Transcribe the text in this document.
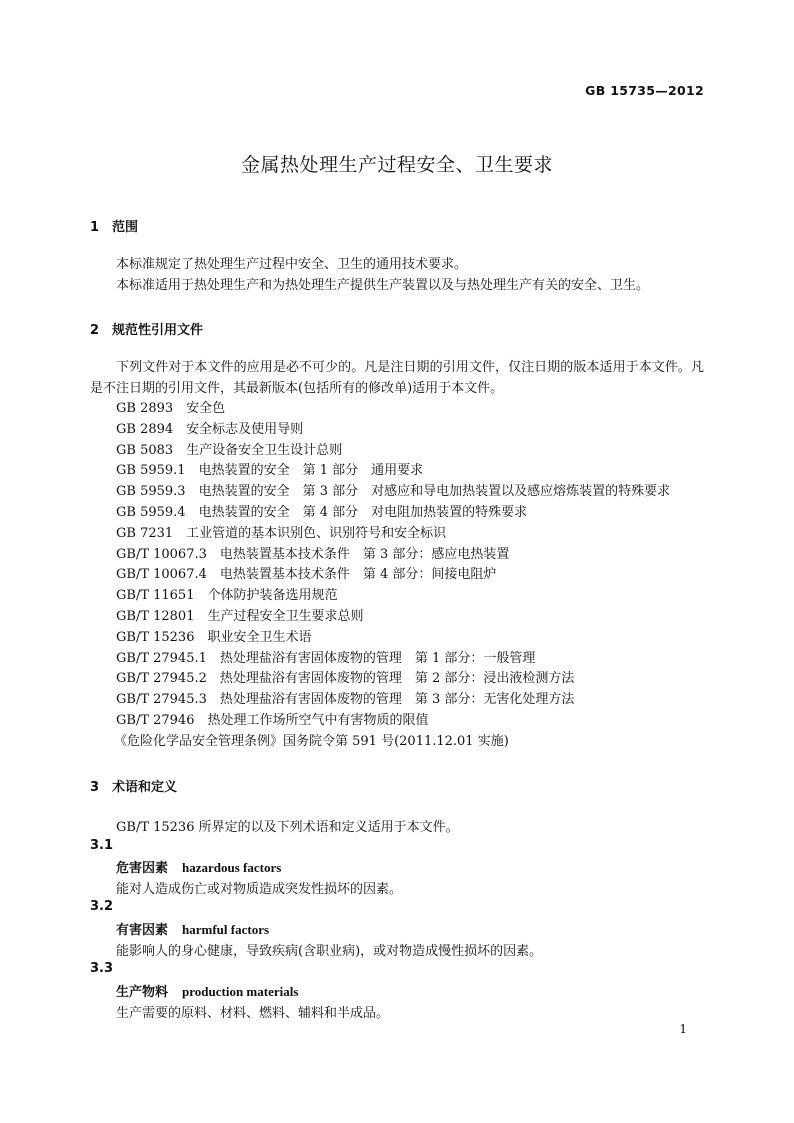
GB 15735—2012
金属热处理生产过程安全、卫生要求
1 范围
本标准规定了热处理生产过程中安全、卫生的通用技术要求。
本标准适用于热处理生产和为热处理生产提供生产装置以及与热处理生产有关的安全、卫生。
2 规范性引用文件
下列文件对于本文件的应用是必不可少的。凡是注日期的引用文件，仅注日期的版本适用于本文件。凡是不注日期的引用文件，其最新版本(包括所有的修改单)适用于本文件。
GB 2893 安全色
GB 2894 安全标志及使用导则
GB 5083 生产设备安全卫生设计总则
GB 5959.1 电热装置的安全　第 1 部分　通用要求
GB 5959.3 电热装置的安全　第 3 部分　对感应和导电加热装置以及感应熔炼装置的特殊要求
GB 5959.4 电热装置的安全　第 4 部分　对电阻加热装置的特殊要求
GB 7231 工业管道的基本识别色、识别符号和安全标识
GB/T 10067.3 电热装置基本技术条件　第 3 部分：感应电热装置
GB/T 10067.4 电热装置基本技术条件　第 4 部分：间接电阻炉
GB/T 11651 个体防护装备选用规范
GB/T 12801 生产过程安全卫生要求总则
GB/T 15236 职业安全卫生术语
GB/T 27945.1 热处理盐浴有害固体废物的管理　第 1 部分：一般管理
GB/T 27945.2 热处理盐浴有害固体废物的管理　第 2 部分：浸出液检测方法
GB/T 27945.3 热处理盐浴有害固体废物的管理　第 3 部分：无害化处理方法
GB/T 27946 热处理工作场所空气中有害物质的限值
《危险化学品安全管理条例》国务院令第 591 号(2011.12.01 实施)
3 术语和定义
GB/T 15236 所界定的以及下列术语和定义适用于本文件。
3.1
危害因素 hazardous factors
能对人造成伤亡或对物质造成突发性损坏的因素。
3.2
有害因素 harmful factors
能影响人的身心健康，导致疾病(含职业病)，或对物造成慢性损坏的因素。
3.3
生产物料 production materials
生产需要的原料、材料、燃料、辅料和半成品。
1
